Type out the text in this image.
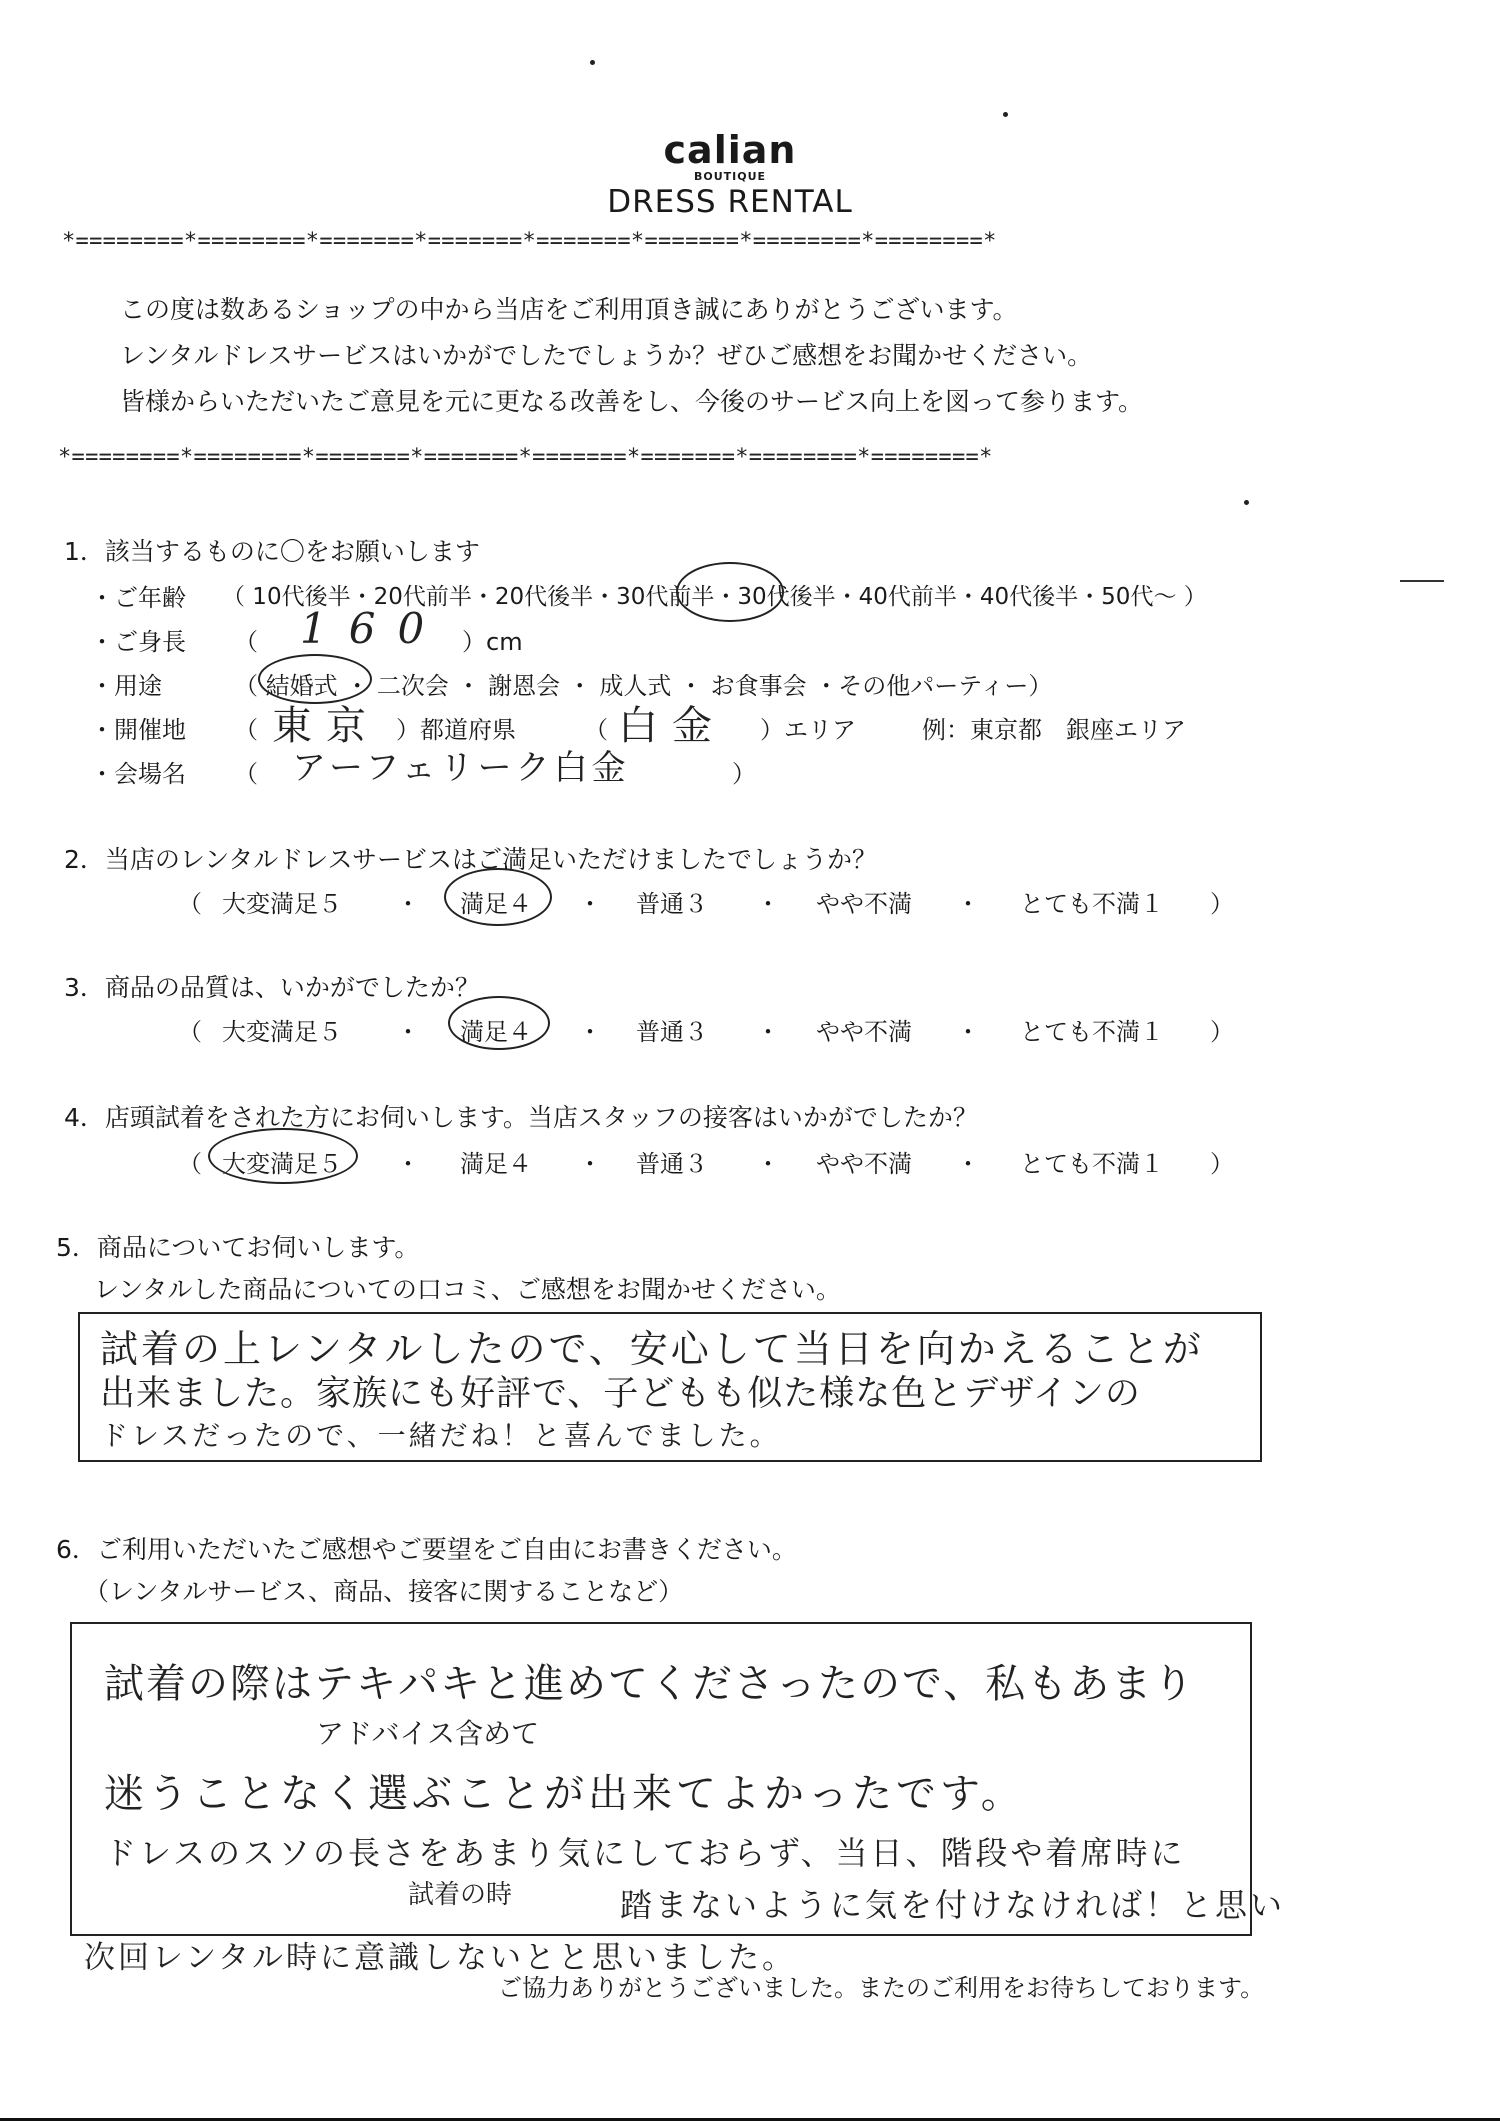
calian
BOUTIQUE
DRESS RENTAL
*========*========*=======*=======*=======*=======*========*========*
この度は数あるショップの中から当店をご利用頂き誠にありがとうございます。
レンタルドレスサービスはいかがでしたでしょうか？ぜひご感想をお聞かせください。
皆様からいただいたご意見を元に更なる改善をし、今後のサービス向上を図って参ります。
*========*========*=======*=======*=======*=======*========*========*
1．該当するものに〇をお願いします
・ご年齢 （ 10代後半・20代前半・20代後半・30代前半・30代後半・40代前半・40代後半・50代〜 ）
・ご身長 （ 160 ）cm
・用途	（ 結婚式 ・ 二次会 ・ 謝恩会 ・ 成人式 ・ お食事会 ・その他パーティー）
・開催地 （ 東京 ）都道府県	（ 白金 ）エリア	例：東京都　銀座エリア
・会場名 （ アーフェリーク白金	）
2．当店のレンタルドレスサービスはご満足いただけましたでしょうか？
（ 大変満足５ ・ 満足４ ・ 普通３ ・ やや不満 ・ とても不満１ ）
3．商品の品質は、いかがでしたか？
（ 大変満足５ ・ 満足４ ・ 普通３ ・ やや不満 ・ とても不満１ ）
4．店頭試着をされた方にお伺いします。当店スタッフの接客はいかがでしたか？
（ 大変満足５ ・ 満足４ ・ 普通３ ・ やや不満 ・ とても不満１ ）
5．商品についてお伺いします。
レンタルした商品についての口コミ、ご感想をお聞かせください。
試着の上レンタルしたので、安心して当日を向かえることが
出来ました。家族にも好評で、子どもも似た様な色とデザインの
ドレスだったので、一緒だね！と喜んでました。
6．ご利用いただいたご感想やご要望をご自由にお書きください。
（レンタルサービス、商品、接客に関することなど）
試着の際はテキパキと進めてくださったので、私もあまり
アドバイス含めて
迷うことなく選ぶことが出来てよかったです。
ドレスのスソの長さをあまり気にしておらず、当日、階段や着席時に
試着の時	踏まないように気を付けなければ！と思い
次回レンタル時に意識しないとと思いました。
ご協力ありがとうございました。またのご利用をお待ちしております。
